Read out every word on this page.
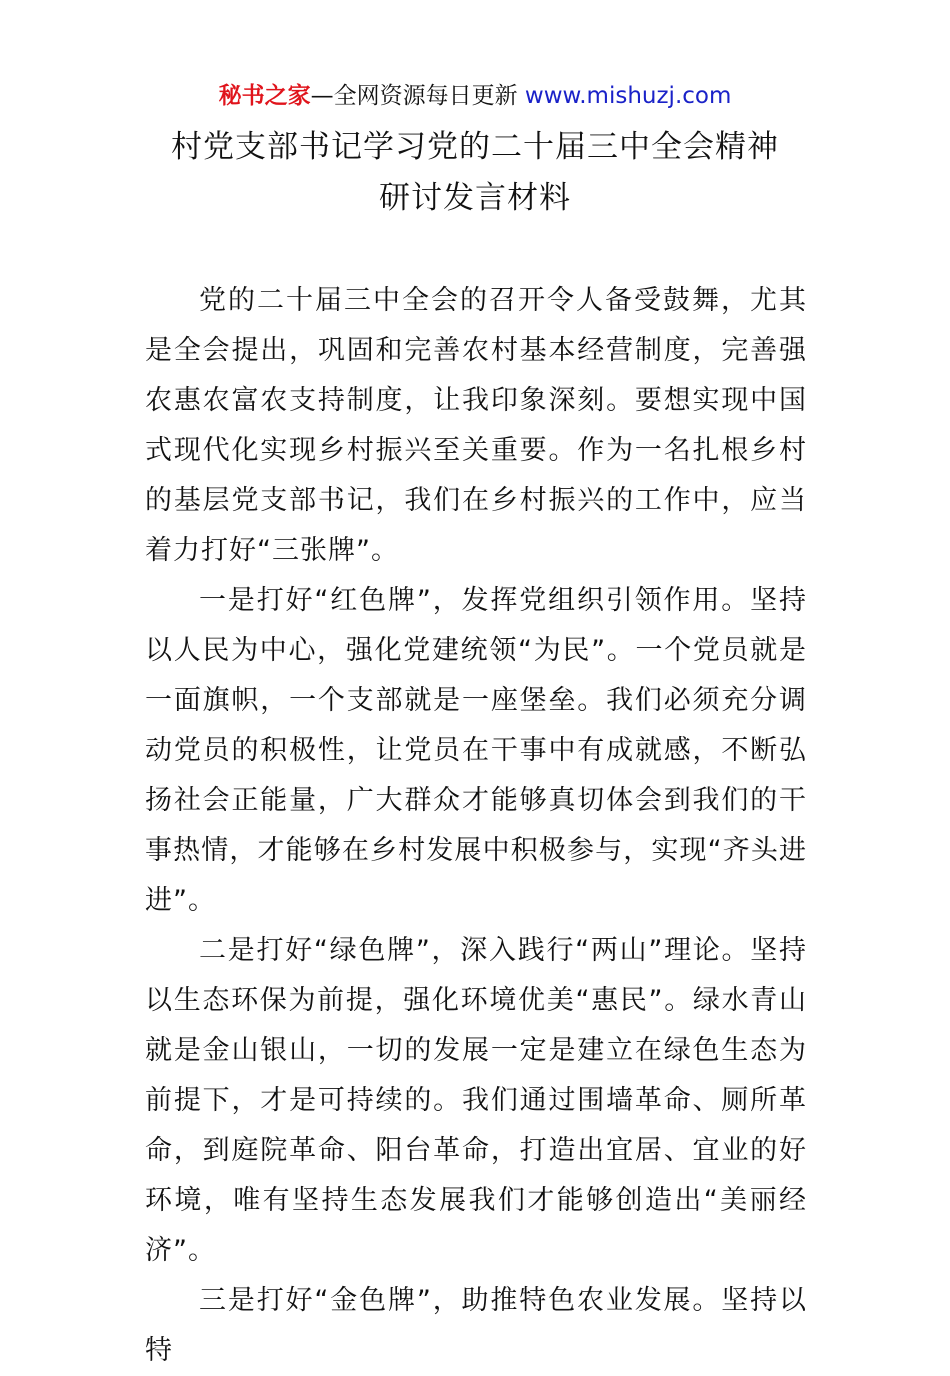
秘书之家—全网资源每日更新 www.mishuzj.com
村党支部书记学习党的二十届三中全会精神
研讨发言材料

党的二十届三中全会的召开令人备受鼓舞，尤其是全会提出，巩固和完善农村基本经营制度，完善强农惠农富农支持制度，让我印象深刻。要想实现中国式现代化实现乡村振兴至关重要。作为一名扎根乡村的基层党支部书记，我们在乡村振兴的工作中，应当着力打好“三张牌”。

一是打好“红色牌”，发挥党组织引领作用。坚持以人民为中心，强化党建统领“为民”。一个党员就是一面旗帜，一个支部就是一座堡垒。我们必须充分调动党员的积极性，让党员在干事中有成就感，不断弘扬社会正能量，广大群众才能够真切体会到我们的干事热情，才能够在乡村发展中积极参与，实现“齐头进进”。

二是打好“绿色牌”，深入践行“两山”理论。坚持以生态环保为前提，强化环境优美“惠民”。绿水青山就是金山银山，一切的发展一定是建立在绿色生态为前提下，才是可持续的。我们通过围墙革命、厕所革命，到庭院革命、阳台革命，打造出宜居、宜业的好环境，唯有坚持生态发展我们才能够创造出“美丽经济”。

三是打好“金色牌”，助推特色农业发展。坚持以特
